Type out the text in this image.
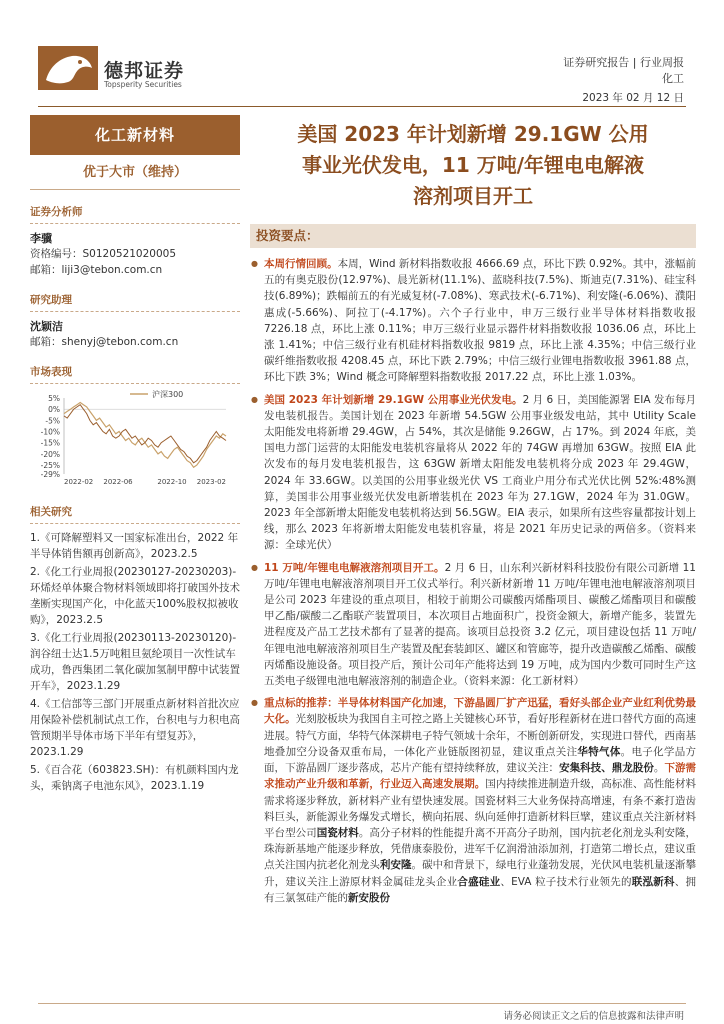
德邦证券
Topsperity Securities
证券研究报告 | 行业周报
化工
2023 年 02 月 12 日
化工新材料
优于大市（维持）
证券分析师
李骥
资格编号：S0120521020005
邮箱：liji3@tebon.com.cn
研究助理
沈颖洁
邮箱：shenyj@tebon.com.cn
市场表现
5%
0%
-5%
-10%
-15%
-20%
-25%
-29%
2022-02 2022-06	2022-10 2023-02
沪深300
相关研究
1.《可降解塑料又一国家标准出台，2022 年半导体销售额再创新高》，2023.2.5
2.《化工行业周报(20230127-20230203)-环烯烃单体聚合物材料领域即将打破国外技术垄断实现国产化，中化蓝天100%股权拟被收购》，2023.2.5
3.《化工行业周报(20230113-20230120)-润谷纽士达1.5万吨粗旦氨纶项目一次性试车成功，鲁西集团二氧化碳加氢制甲醇中试装置开车》，2023.1.29
4.《工信部等三部门开展重点新材料首批次应用保险补偿机制试点工作，台积电与力积电高管预期半导体市场下半年有望复苏》，2023.1.29
5.《百合花（603823.SH)：有机颜料国内龙头，乘钠离子电池东风》，2023.1.19
美国 2023 年计划新增 29.1GW 公用
事业光伏发电，11 万吨/年锂电电解液
溶剂项目开工
投资要点：
● 本周行情回顾。本周，Wind 新材料指数收报 4666.69 点，环比下跌 0.92%。其中，涨幅前五的有奥克股份(12.97%)、晨光新材(11.1%)、蓝晓科技(7.5%)、斯迪克(7.31%)、硅宝科技(6.89%)；跌幅前五的有光威复材(-7.08%)、寒武技术(-6.71%)、利安隆(-6.06%)、濮阳惠成(-5.66%)、阿拉丁(-4.17%)。六个子行业中，申万三级行业半导体材料指数收报 7226.18 点，环比上涨 0.11%；申万三级行业显示器件材料指数收报 1036.06 点，环比上涨 1.41%；中信三级行业有机硅材料指数收报 9819 点，环比上涨 4.35%；中信三级行业碳纤维指数收报 4208.45 点，环比下跌 2.79%；中信三级行业锂电指数收报 3961.88 点，环比下跌 3%；Wind 概念可降解塑料指数收报 2017.22 点，环比上涨 1.03%。
● 美国 2023 年计划新增 29.1GW 公用事业光伏发电。2 月 6 日，美国能源署 EIA 发布每月发电装机报告。美国计划在 2023 年新增 54.5GW 公用事业级发电站，其中 Utility Scale 太阳能发电将新增 29.4GW，占 54%，其次是储能 9.26GW，占 17%。到 2024 年底，美国电力部门运营的太阳能发电装机容量将从 2022 年的 74GW 再增加 63GW。按照 EIA 此次发布的每月发电装机报告，这 63GW 新增太阳能发电装机将分成 2023 年 29.4GW，2024 年 33.6GW。以美国的公用事业级光伏 VS 工商业户用分布式光伏比例 52%:48%测算，美国非公用事业级光伏发电新增装机在 2023 年为 27.1GW，2024 年为 31.0GW。2023 年全部新增太阳能发电装机将达到 56.5GW。EIA 表示，如果所有这些容量都按计划上线，那么 2023 年将新增太阳能发电装机容量，将是 2021 年历史记录的两倍多。（资料来源：全球光伏）
● 11 万吨/年锂电电解液溶剂项目开工。2 月 6 日，山东利兴新材料科技股份有限公司新增 11 万吨/年锂电电解液溶剂项目开工仪式举行。利兴新材新增 11 万吨/年锂电池电解液溶剂项目是公司 2023 年建设的重点项目，相较于前期公司碳酸丙烯酯项目、碳酸乙烯酯项目和碳酸甲乙酯/碳酸二乙酯联产装置项目，本次项目占地面积广，投资金额大，新增产能多，装置先进程度及产品工艺技术都有了显著的提高。该项目总投资 3.2 亿元，项目建设包括 11 万吨/年锂电池电解液溶剂项目生产装置及配套装卸区、罐区和管廊等，提升改造碳酸乙烯酯、碳酸丙烯酯设施设备。项目投产后，预计公司年产能将达到 19 万吨，成为国内少数可同时生产这五类电子级锂电池电解液溶剂的制造企业。（资料来源：化工新材料）
● 重点标的推荐：半导体材料国产化加速，下游晶圆厂扩产迅猛，看好头部企业产业红利优势最大化。光刻胶板块为我国自主可控之路上关键核心环节，看好彤程新材在进口替代方面的高速进展。特气方面，华特气体深耕电子特气领域十余年，不断创新研发，实现进口替代，西南基地叠加空分设备双重布局，一体化产业链版图初显，建议重点关注华特气体。电子化学品方面，下游晶圆厂逐步落成，芯片产能有望持续释放，建议关注：安集科技、鼎龙股份。下游需求推动产业升级和革新，行业迈入高速发展期。国内持续推进制造升级，高标准、高性能材料需求将逐步释放，新材料产业有望快速发展。国瓷材料三大业务保持高增速，有条不紊打造齿料巨头，新能源业务爆发式增长，横向拓展、纵向延伸打造新材料巨擘，建议重点关注新材料平台型公司国瓷材料。高分子材料的性能提升离不开高分子助剂，国内抗老化剂龙头利安隆，珠海新基地产能逐步释放，凭借康泰股份，进军千亿润滑油添加剂，打造第二增长点，建议重点关注国内抗老化剂龙头利安隆。碳中和背景下，绿电行业蓬勃发展，光伏风电装机量逐渐攀升，建议关注上游原材料金属硅龙头企业合盛硅业、EVA 粒子技术行业领先的联泓新科、拥有三氯氢硅产能的新安股份
请务必阅读正文之后的信息披露和法律声明
